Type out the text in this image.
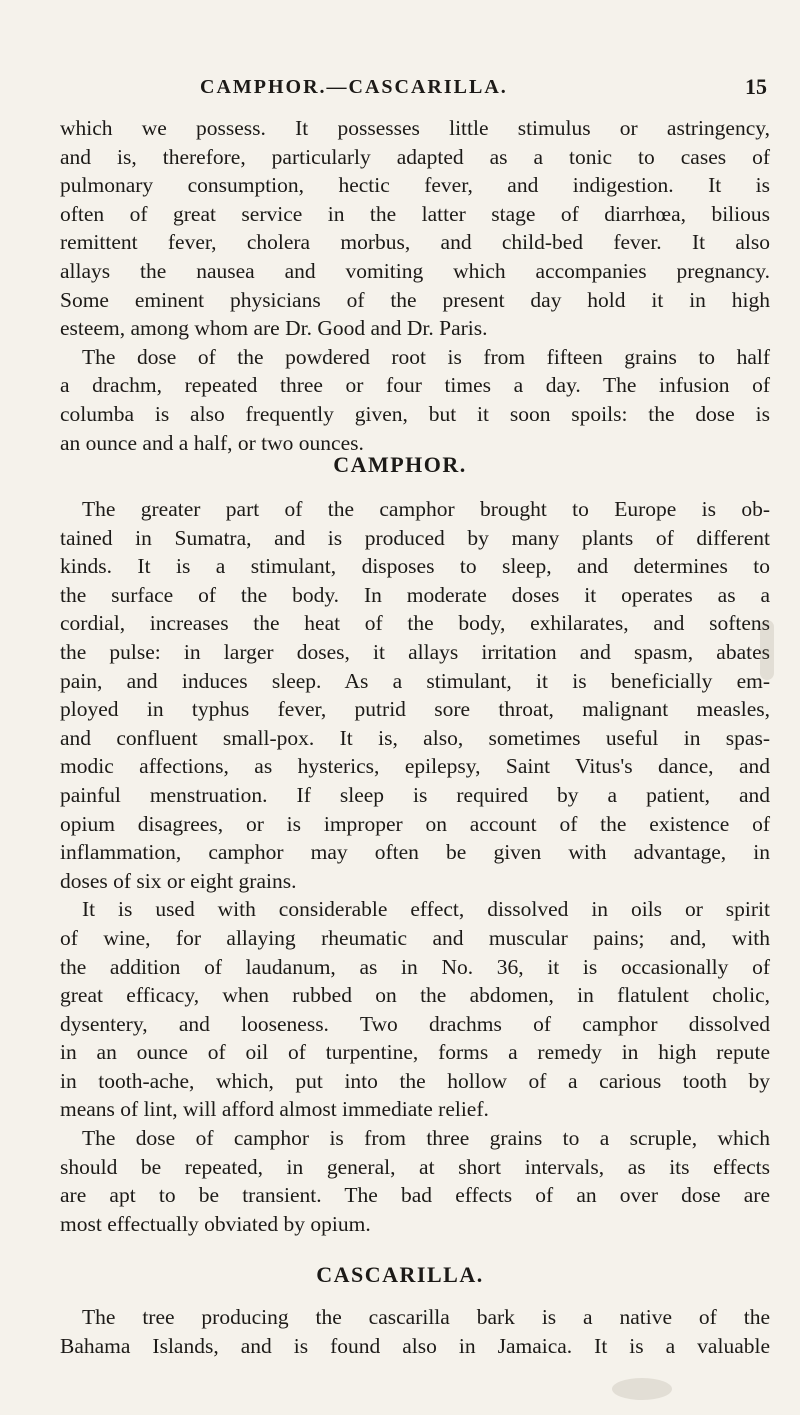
CAMPHOR.—CASCARILLA.	15
which we possess. It possesses little stimulus or astringency,
and is, therefore, particularly adapted as a tonic to cases of
pulmonary consumption, hectic fever, and indigestion. It is
often of great service in the latter stage of diarrhœa, bilious
remittent fever, cholera morbus, and child-bed fever. It also
allays the nausea and vomiting which accompanies pregnancy.
Some eminent physicians of the present day hold it in high
esteem, among whom are Dr. Good and Dr. Paris.
The dose of the powdered root is from fifteen grains to half
a drachm, repeated three or four times a day. The infusion of
columba is also frequently given, but it soon spoils: the dose is
an ounce and a half, or two ounces.
CAMPHOR.
The greater part of the camphor brought to Europe is ob-
tained in Sumatra, and is produced by many plants of different
kinds. It is a stimulant, disposes to sleep, and determines to
the surface of the body. In moderate doses it operates as a
cordial, increases the heat of the body, exhilarates, and softens
the pulse: in larger doses, it allays irritation and spasm, abates
pain, and induces sleep. As a stimulant, it is beneficially em-
ployed in typhus fever, putrid sore throat, malignant measles,
and confluent small-pox. It is, also, sometimes useful in spas-
modic affections, as hysterics, epilepsy, Saint Vitus's dance, and
painful menstruation. If sleep is required by a patient, and
opium disagrees, or is improper on account of the existence of
inflammation, camphor may often be given with advantage, in
doses of six or eight grains.
It is used with considerable effect, dissolved in oils or spirit
of wine, for allaying rheumatic and muscular pains; and, with
the addition of laudanum, as in No. 36, it is occasionally of
great efficacy, when rubbed on the abdomen, in flatulent cholic,
dysentery, and looseness. Two drachms of camphor dissolved
in an ounce of oil of turpentine, forms a remedy in high repute
in tooth-ache, which, put into the hollow of a carious tooth by
means of lint, will afford almost immediate relief.
The dose of camphor is from three grains to a scruple, which
should be repeated, in general, at short intervals, as its effects
are apt to be transient. The bad effects of an over dose are
most effectually obviated by opium.
CASCARILLA.
The tree producing the cascarilla bark is a native of the
Bahama Islands, and is found also in Jamaica. It is a valuable
